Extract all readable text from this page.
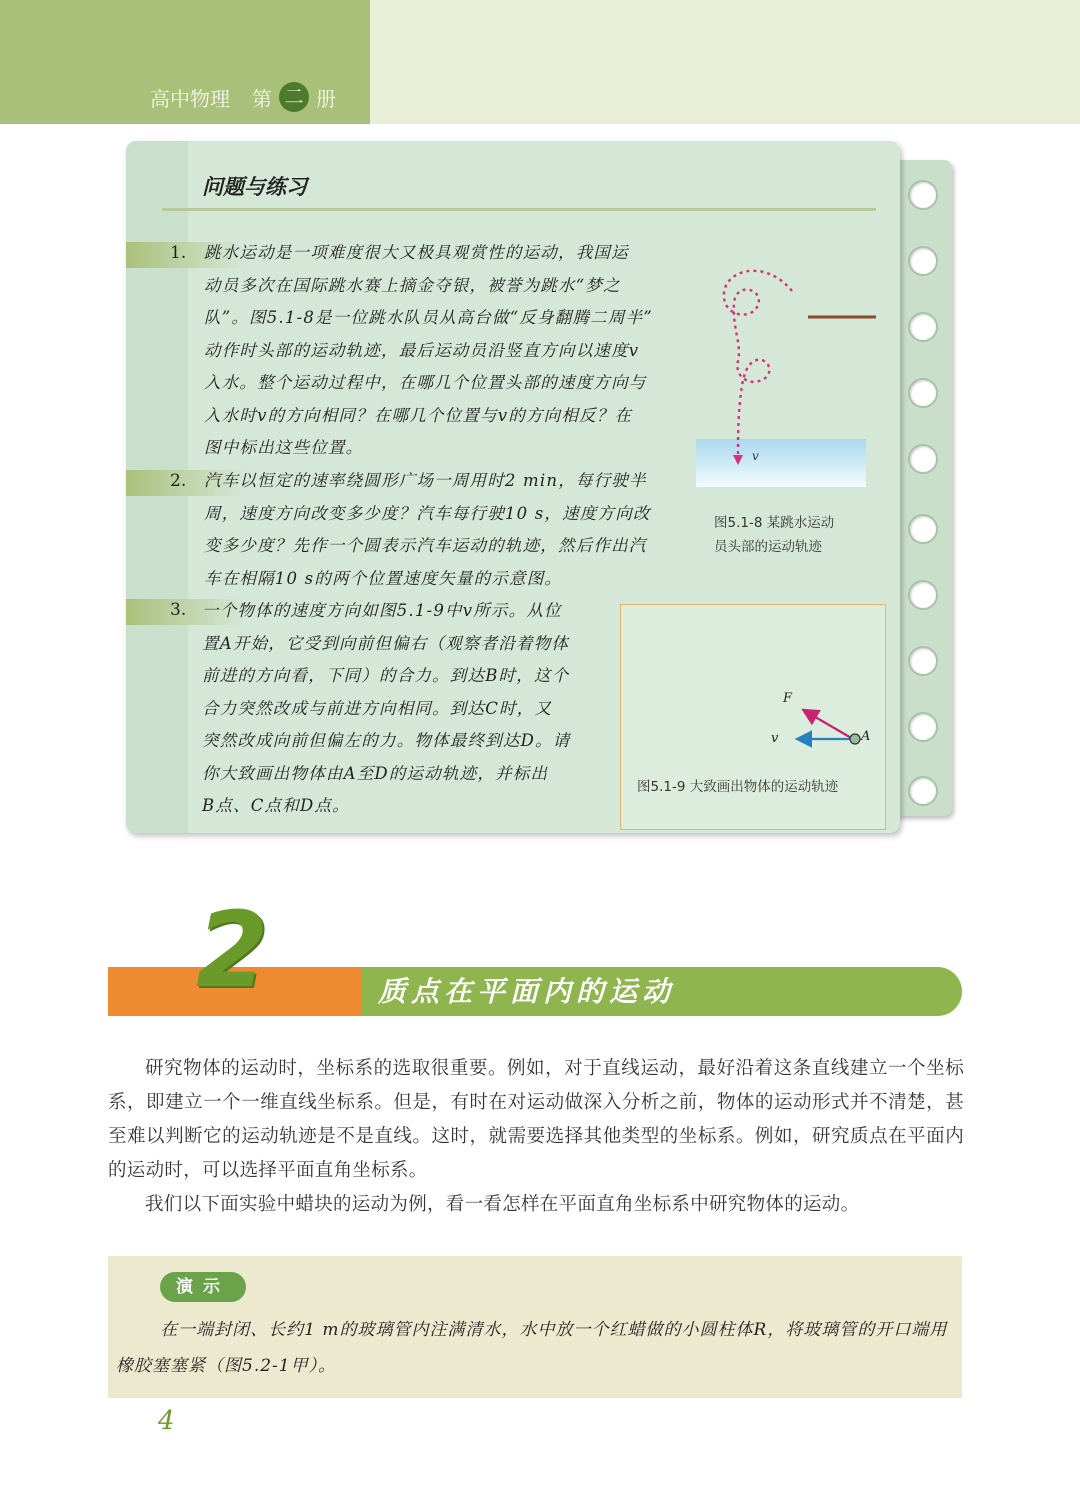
高中物理 第 二 册
问题与练习
1. 跳水运动是一项难度很大又极具观赏性的运动，我国运
动员多次在国际跳水赛上摘金夺银，被誉为跳水“梦之
队”。图5.1-8是一位跳水队员从高台做“反身翻腾二周半”
动作时头部的运动轨迹，最后运动员沿竖直方向以速度v
入水。整个运动过程中，在哪几个位置头部的速度方向与
入水时v的方向相同？在哪几个位置与v的方向相反？在
图中标出这些位置。
2. 汽车以恒定的速率绕圆形广场一周用时2 min，每行驶半
周，速度方向改变多少度？汽车每行驶10 s，速度方向改
变多少度？先作一个圆表示汽车运动的轨迹，然后作出汽
车在相隔10 s的两个位置速度矢量的示意图。
3. 一个物体的速度方向如图5.1-9中v所示。从位
置A开始，它受到向前但偏右（观察者沿着物体
前进的方向看，下同）的合力。到达B时，这个
合力突然改成与前进方向相同。到达C时，又
突然改成向前但偏左的力。物体最终到达D。请
你大致画出物体由A至D的运动轨迹，并标出
B点、C点和D点。
v
图5.1-8 某跳水运动
员头部的运动轨迹
F
v	A
图5.1-9 大致画出物体的运动轨迹
2	质点在平面内的运动

研究物体的运动时，坐标系的选取很重要。例如，对于直线运动，最好沿着这条直线建立一个坐标系，即建立一个一维直线坐标系。但是，有时在对运动做深入分析之前，物体的运动形式并不清楚，甚至难以判断它的运动轨迹是不是直线。这时，就需要选择其他类型的坐标系。例如，研究质点在平面内的运动时，可以选择平面直角坐标系。

我们以下面实验中蜡块的运动为例，看一看怎样在平面直角坐标系中研究物体的运动。

演示
在一端封闭、长约1 m的玻璃管内注满清水，水中放一个红蜡做的小圆柱体R，将玻璃管的开口端用橡胶塞塞紧（图5.2-1甲）。
4
